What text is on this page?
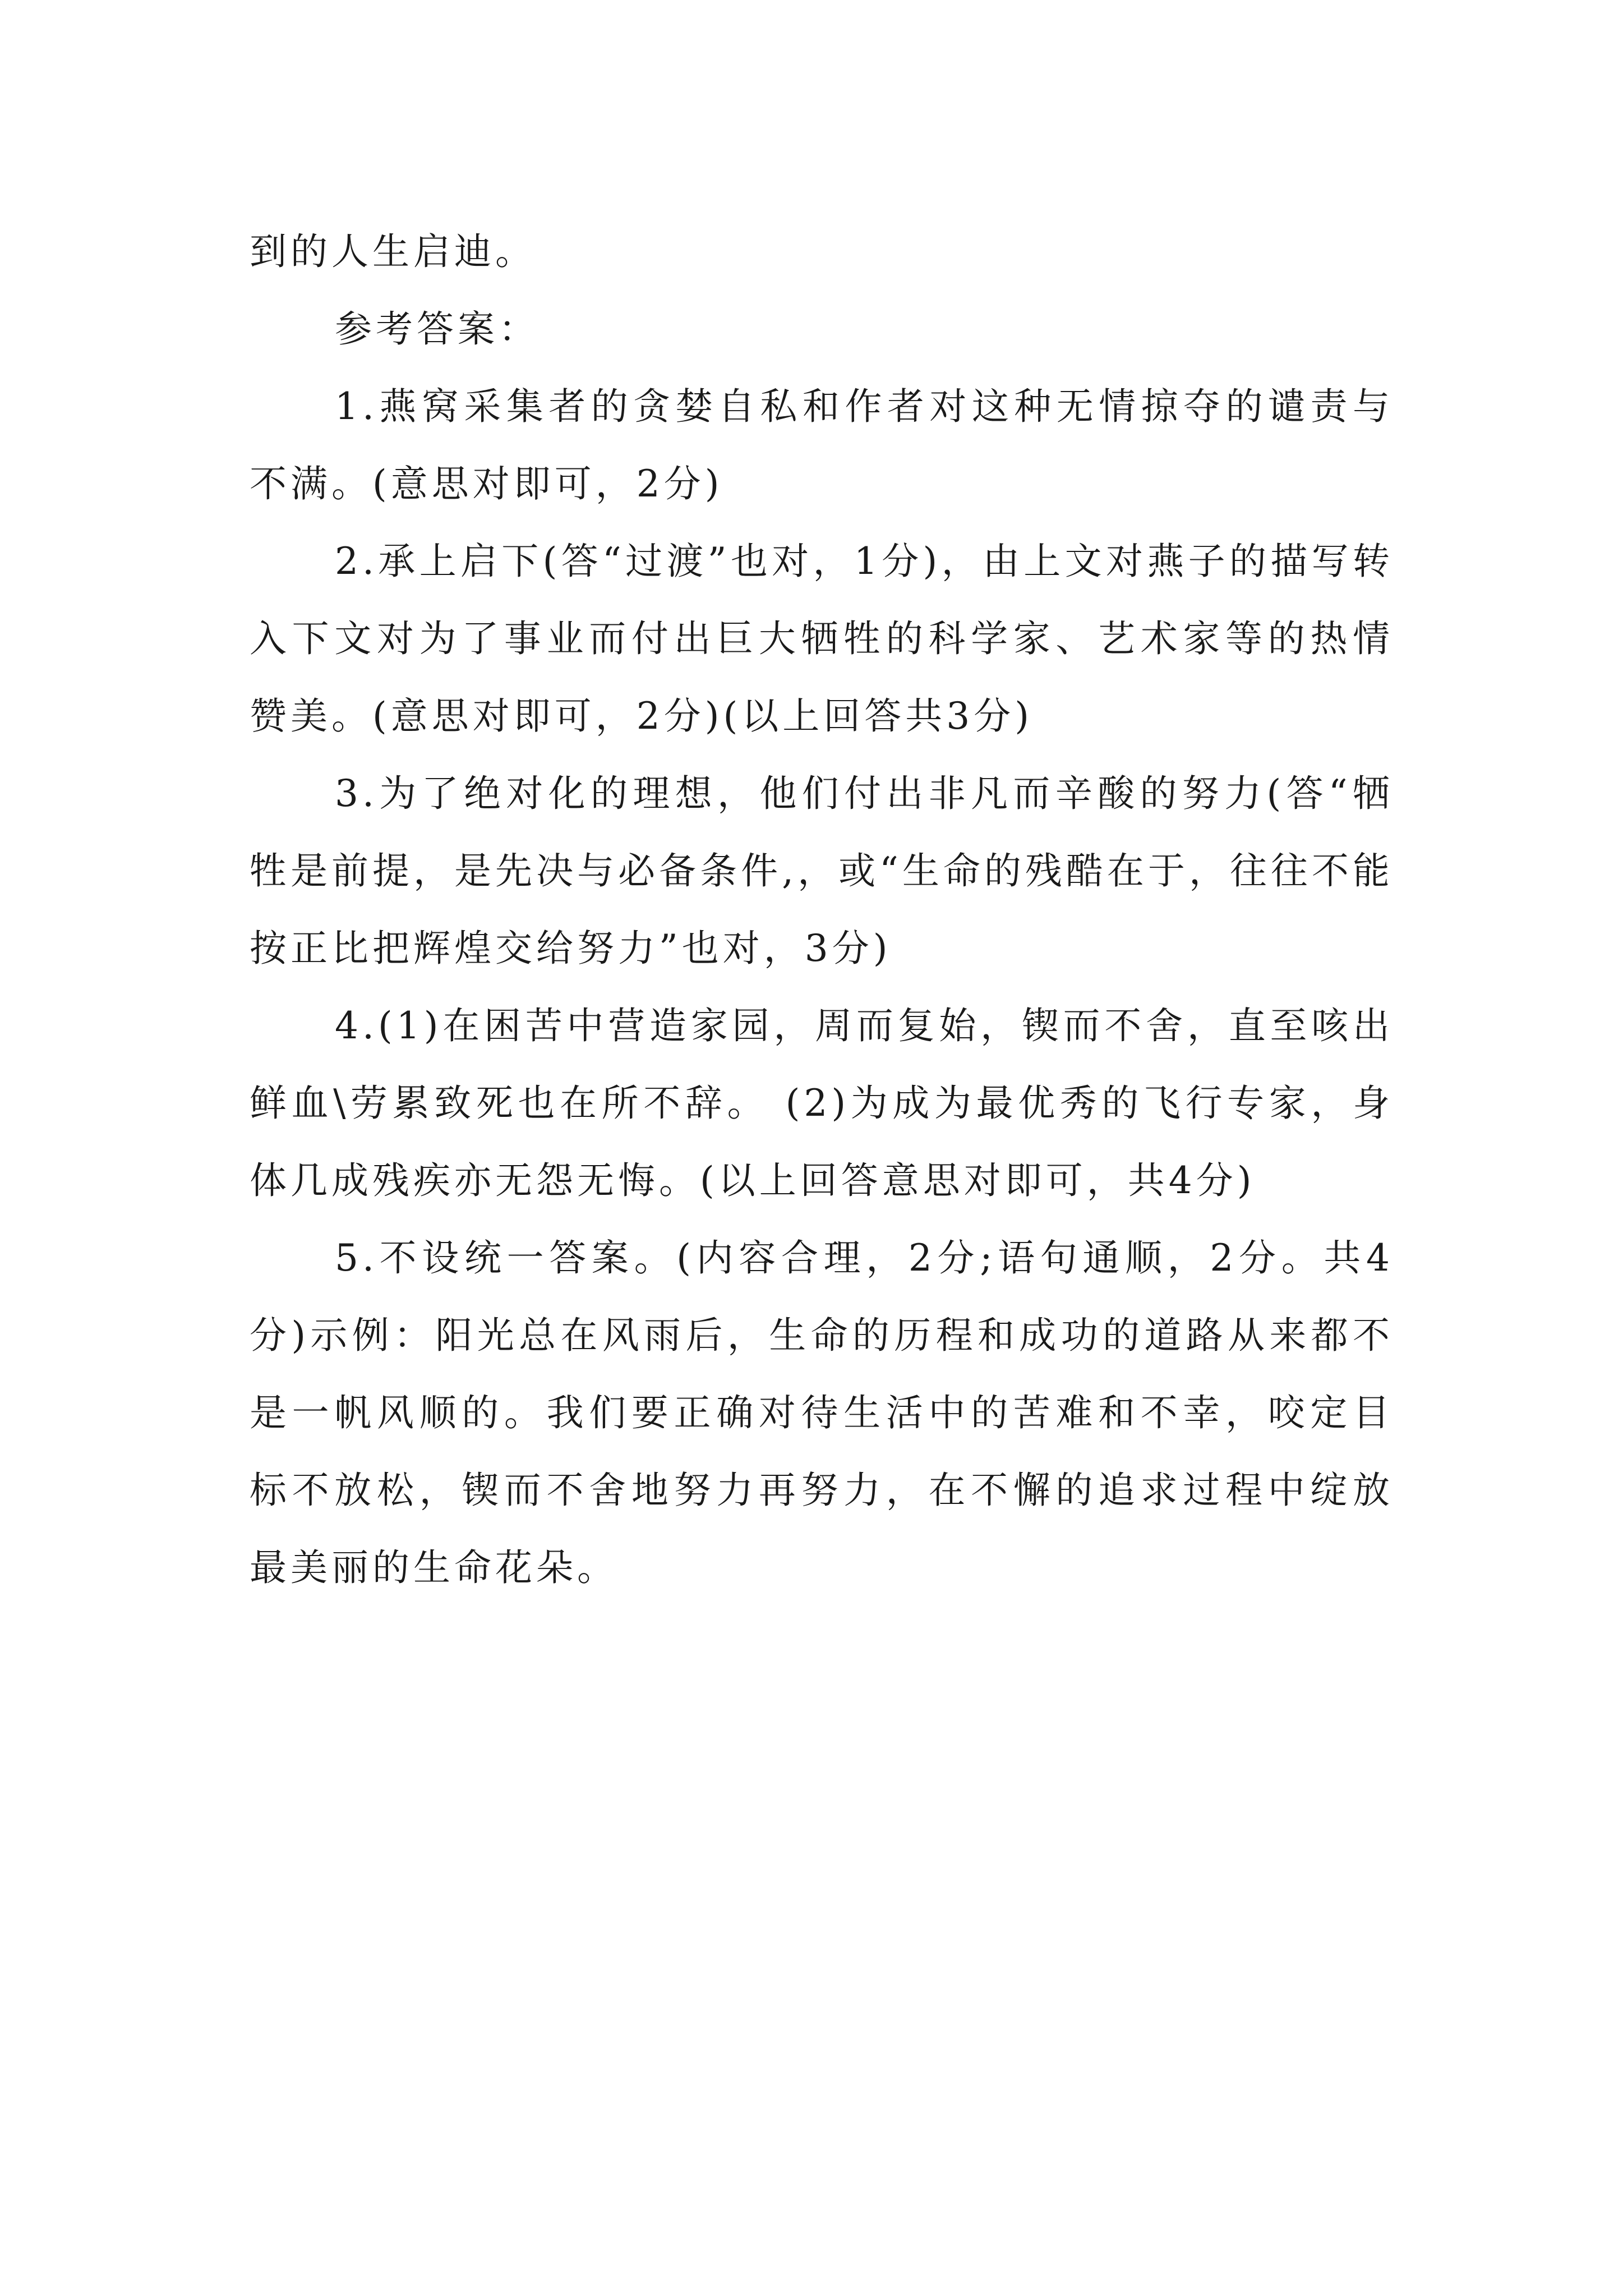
到的人生启迪。

参考答案：

1.燕窝采集者的贪婪自私和作者对这种无情掠夺的谴责与不满。(意思对即可，2分)

2.承上启下(答“过渡”也对，1分)，由上文对燕子的描写转入下文对为了事业而付出巨大牺牲的科学家、艺术家等的热情赞美。(意思对即可，2分)(以上回答共3分)

3.为了绝对化的理想，他们付出非凡而辛酸的努力(答“牺牲是前提，是先决与必备条件,，或“生命的残酷在于，往往不能按正比把辉煌交给努力”也对，3分)

4.(1)在困苦中营造家园，周而复始，锲而不舍，直至咳出鲜血\劳累致死也在所不辞。 (2)为成为最优秀的飞行专家，身体几成残疾亦无怨无悔。(以上回答意思对即可，共4分)

5.不设统一答案。(内容合理，2分;语句通顺，2分。共4分)示例：阳光总在风雨后，生命的历程和成功的道路从来都不是一帆风顺的。我们要正确对待生活中的苦难和不幸，咬定目标不放松，锲而不舍地努力再努力，在不懈的追求过程中绽放最美丽的生命花朵。
